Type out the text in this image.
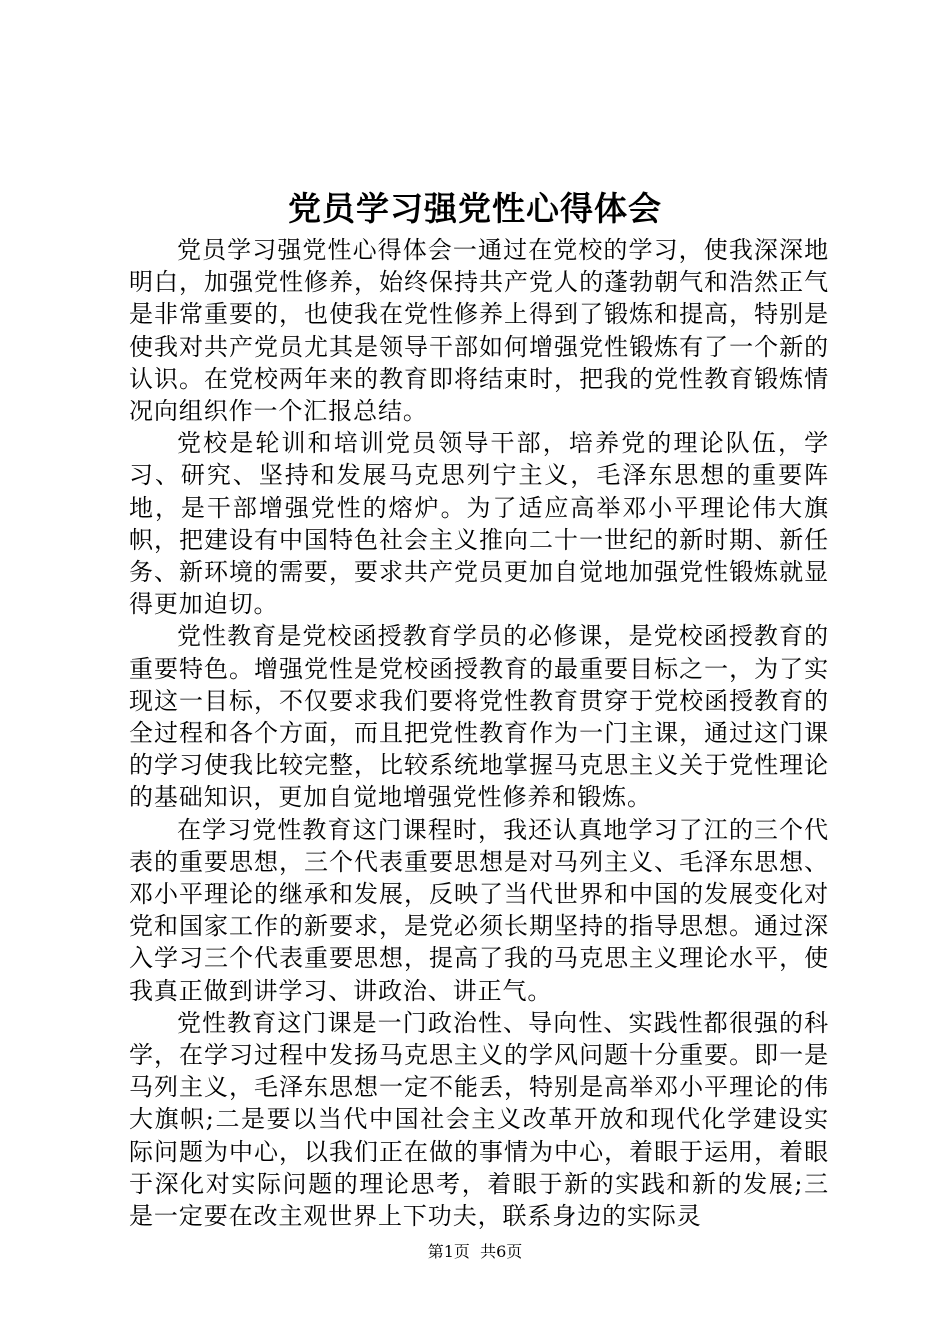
党员学习强党性心得体会

党员学习强党性心得体会一通过在党校的学习，使我深深地明白，加强党性修养，始终保持共产党人的蓬勃朝气和浩然正气是非常重要的，也使我在党性修养上得到了锻炼和提高，特别是使我对共产党员尤其是领导干部如何增强党性锻炼有了一个新的认识。在党校两年来的教育即将结束时，把我的党性教育锻炼情况向组织作一个汇报总结。

党校是轮训和培训党员领导干部，培养党的理论队伍，学习、研究、坚持和发展马克思列宁主义，毛泽东思想的重要阵地，是干部增强党性的熔炉。为了适应高举邓小平理论伟大旗帜，把建设有中国特色社会主义推向二十一世纪的新时期、新任务、新环境的需要，要求共产党员更加自觉地加强党性锻炼就显得更加迫切。

党性教育是党校函授教育学员的必修课，是党校函授教育的重要特色。增强党性是党校函授教育的最重要目标之一，为了实现这一目标，不仅要求我们要将党性教育贯穿于党校函授教育的全过程和各个方面，而且把党性教育作为一门主课，通过这门课的学习使我比较完整，比较系统地掌握马克思主义关于党性理论的基础知识，更加自觉地增强党性修养和锻炼。

在学习党性教育这门课程时，我还认真地学习了江的三个代表的重要思想，三个代表重要思想是对马列主义、毛泽东思想、邓小平理论的继承和发展，反映了当代世界和中国的发展变化对党和国家工作的新要求，是党必须长期坚持的指导思想。通过深入学习三个代表重要思想，提高了我的马克思主义理论水平，使我真正做到讲学习、讲政治、讲正气。

党性教育这门课是一门政治性、导向性、实践性都很强的科学，在学习过程中发扬马克思主义的学风问题十分重要。即一是马列主义，毛泽东思想一定不能丢，特别是高举邓小平理论的伟大旗帜;二是要以当代中国社会主义改革开放和现代化学建设实际问题为中心，以我们正在做的事情为中心，着眼于运用，着眼于深化对实际问题的理论思考，着眼于新的实践和新的发展;三是一定要在改主观世界上下功夫，联系身边的实际灵

第1页  共6页
